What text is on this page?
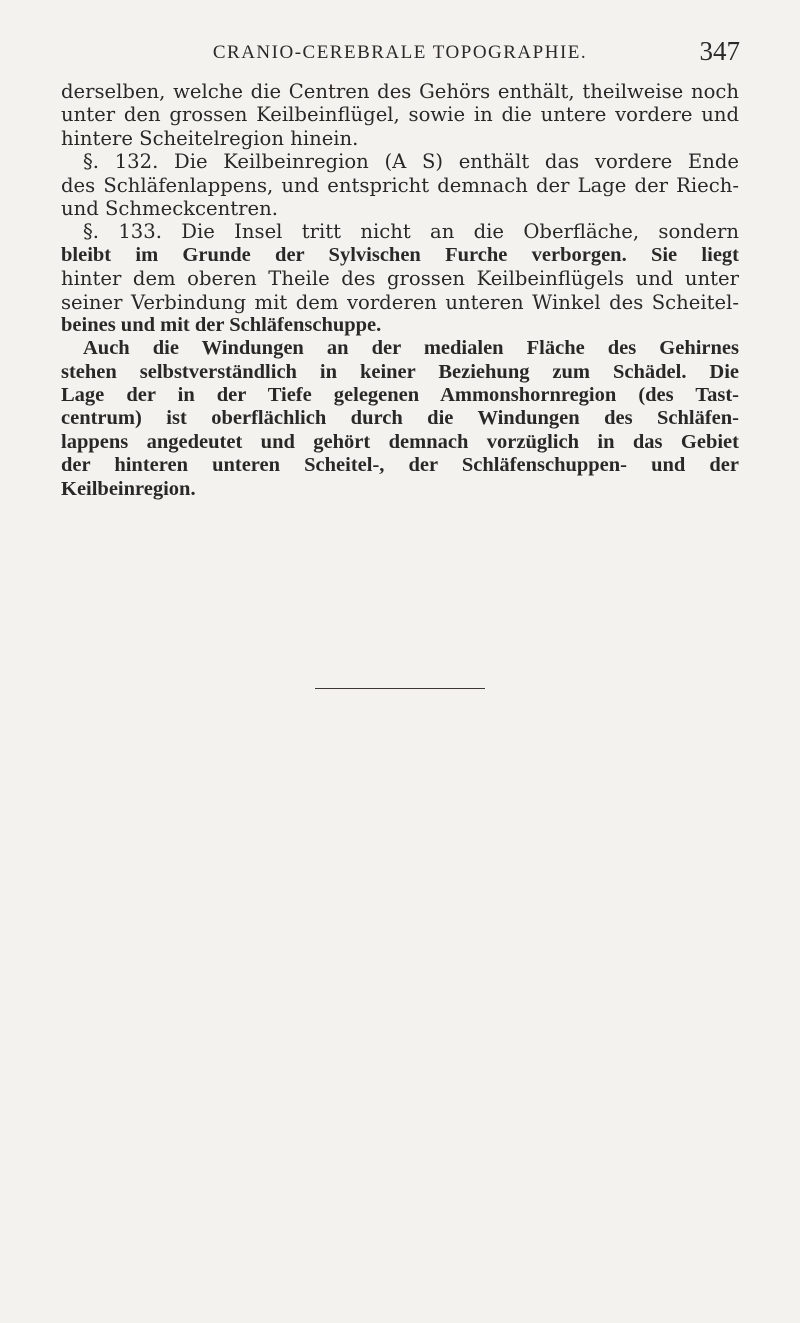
CRANIO-CEREBRALE TOPOGRAPHIE.	347
derselben, welche die Centren des Gehörs enthält, theilweise noch
unter den grossen Keilbeinflügel, sowie in die untere vordere und
hintere Scheitelregion hinein.
§. 132. Die Keilbeinregion (A S) enthält das vordere Ende
des Schläfenlappens, und entspricht demnach der Lage der Riech-
und Schmeckcentren.
§. 133. Die Insel tritt nicht an die Oberfläche, sondern
bleibt im Grunde der Sylvischen Furche verborgen. Sie liegt
hinter dem oberen Theile des grossen Keilbeinflügels und unter
seiner Verbindung mit dem vorderen unteren Winkel des Scheitel-
beines und mit der Schläfenschuppe.
Auch die Windungen an der medialen Fläche des Gehirnes
stehen selbstverständlich in keiner Beziehung zum Schädel. Die
Lage der in der Tiefe gelegenen Ammonshornregion (des Tast-
centrum) ist oberflächlich durch die Windungen des Schläfen-
lappens angedeutet und gehört demnach vorzüglich in das Gebiet
der hinteren unteren Scheitel-, der Schläfenschuppen- und der
Keilbeinregion.
